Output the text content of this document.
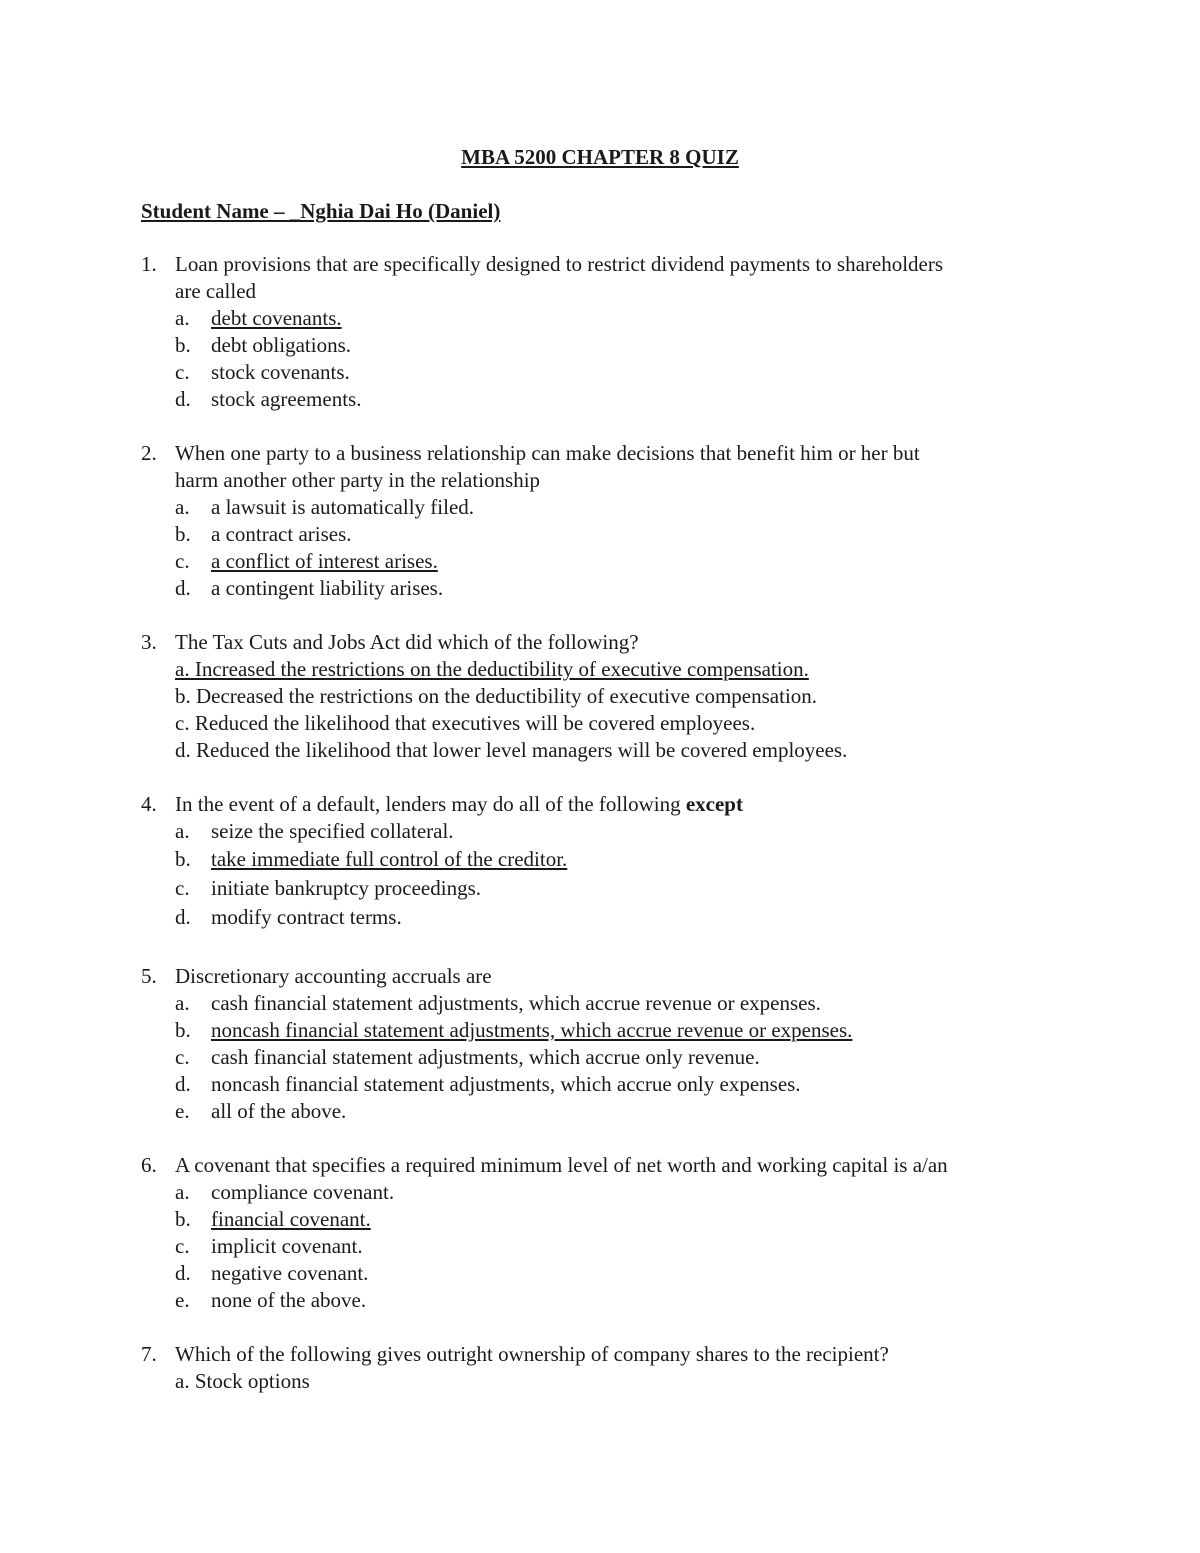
MBA 5200 CHAPTER 8 QUIZ
Student Name – _Nghia Dai Ho (Daniel)
1. Loan provisions that are specifically designed to restrict dividend payments to shareholders
are called
a.	debt covenants.
b. debt obligations.
c.	stock covenants.
d. stock agreements.
2. When one party to a business relationship can make decisions that benefit him or her but
harm another other party in the relationship
a.	a lawsuit is automatically filed.
b. a contract arises.
c.	a conflict of interest arises.
d. a contingent liability arises.
3. The Tax Cuts and Jobs Act did which of the following?
a. Increased the restrictions on the deductibility of executive compensation.
b. Decreased the restrictions on the deductibility of executive compensation.
c. Reduced the likelihood that executives will be covered employees.
d. Reduced the likelihood that lower level managers will be covered employees.
4. In the event of a default, lenders may do all of the following except
a.	seize the specified collateral.
b. take immediate full control of the creditor.
c.	initiate bankruptcy proceedings.
d. modify contract terms.
5. Discretionary accounting accruals are
a.	cash financial statement adjustments, which accrue revenue or expenses.
b. noncash financial statement adjustments, which accrue revenue or expenses.
c.	cash financial statement adjustments, which accrue only revenue.
d. noncash financial statement adjustments, which accrue only expenses.
e.	all of the above.
6. A covenant that specifies a required minimum level of net worth and working capital is a/an
a.	compliance covenant.
b. financial covenant.
c.	implicit covenant.
d. negative covenant.
e.	none of the above.
7. Which of the following gives outright ownership of company shares to the recipient?
a. Stock options
